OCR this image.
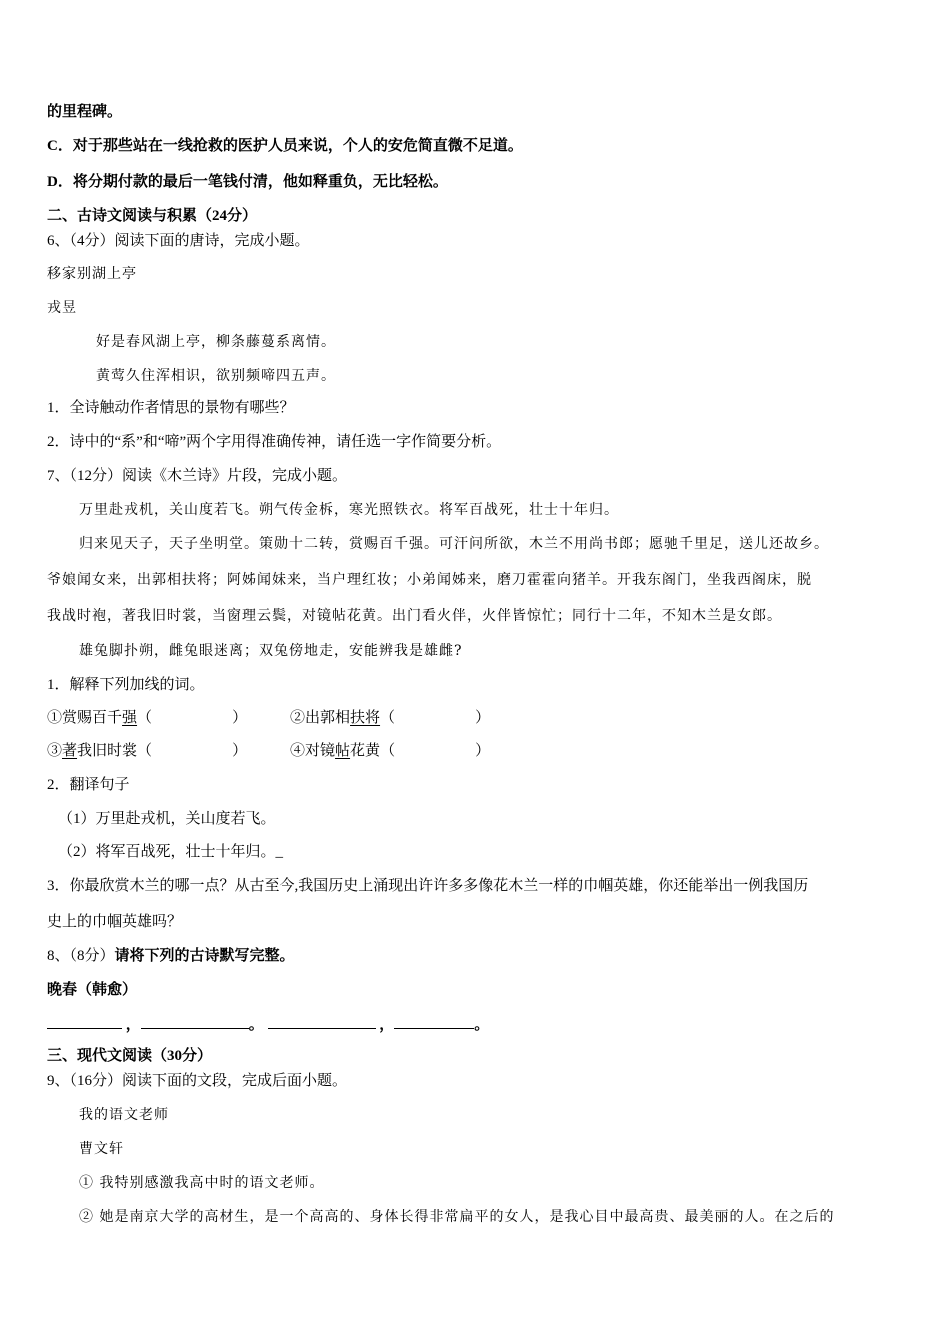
的里程碑。
C．对于那些站在一线抢救的医护人员来说，个人的安危简直微不足道。
D．将分期付款的最后一笔钱付清，他如释重负，无比轻松。
二、古诗文阅读与积累（24分）
6、（4分）阅读下面的唐诗，完成小题。
移家别湖上亭
戎昱
好是春风湖上亭，柳条藤蔓系离情。
黄莺久住浑相识，欲别频啼四五声。
1．全诗触动作者情思的景物有哪些？
2．诗中的“系”和“啼”两个字用得准确传神，请任选一字作简要分析。
7、（12分）阅读《木兰诗》片段，完成小题。
万里赴戎机，关山度若飞。朔气传金柝，寒光照铁衣。将军百战死，壮士十年归。
归来见天子，天子坐明堂。策勋十二转，赏赐百千强。可汗问所欲，木兰不用尚书郎；愿驰千里足，送儿还故乡。
爷娘闻女来，出郭相扶将；阿姊闻妹来，当户理红妆；小弟闻姊来，磨刀霍霍向猪羊。开我东阁门，坐我西阁床，脱
我战时袍，著我旧时裳，当窗理云鬓，对镜帖花黄。出门看火伴，火伴皆惊忙；同行十二年，不知木兰是女郎。
雄兔脚扑朔，雌兔眼迷离；双兔傍地走，安能辨我是雄雌?
1．解释下列加线的词。
①赏赐百千强（	）	②出郭相扶将（	）
③著我旧时裳（	）	④对镜帖花黄（	）
2．翻译句子
（1）万里赴戎机，关山度若飞。
（2）将军百战死，壮士十年归。_
3．你最欣赏木兰的哪一点？从古至今,我国历史上涌现出许许多多像花木兰一样的巾帼英雄，你还能举出一例我国历
史上的巾帼英雄吗？
8、（8分）请将下列的古诗默写完整。
晚春（韩愈）
，	。	，	。
三、现代文阅读（30分）
9、（16分）阅读下面的文段，完成后面小题。
我的语文老师
曹文轩
① 我特别感激我高中时的语文老师。
② 她是南京大学的高材生，是一个高高的、身体长得非常扁平的女人，是我心目中最高贵、最美丽的人。在之后的
